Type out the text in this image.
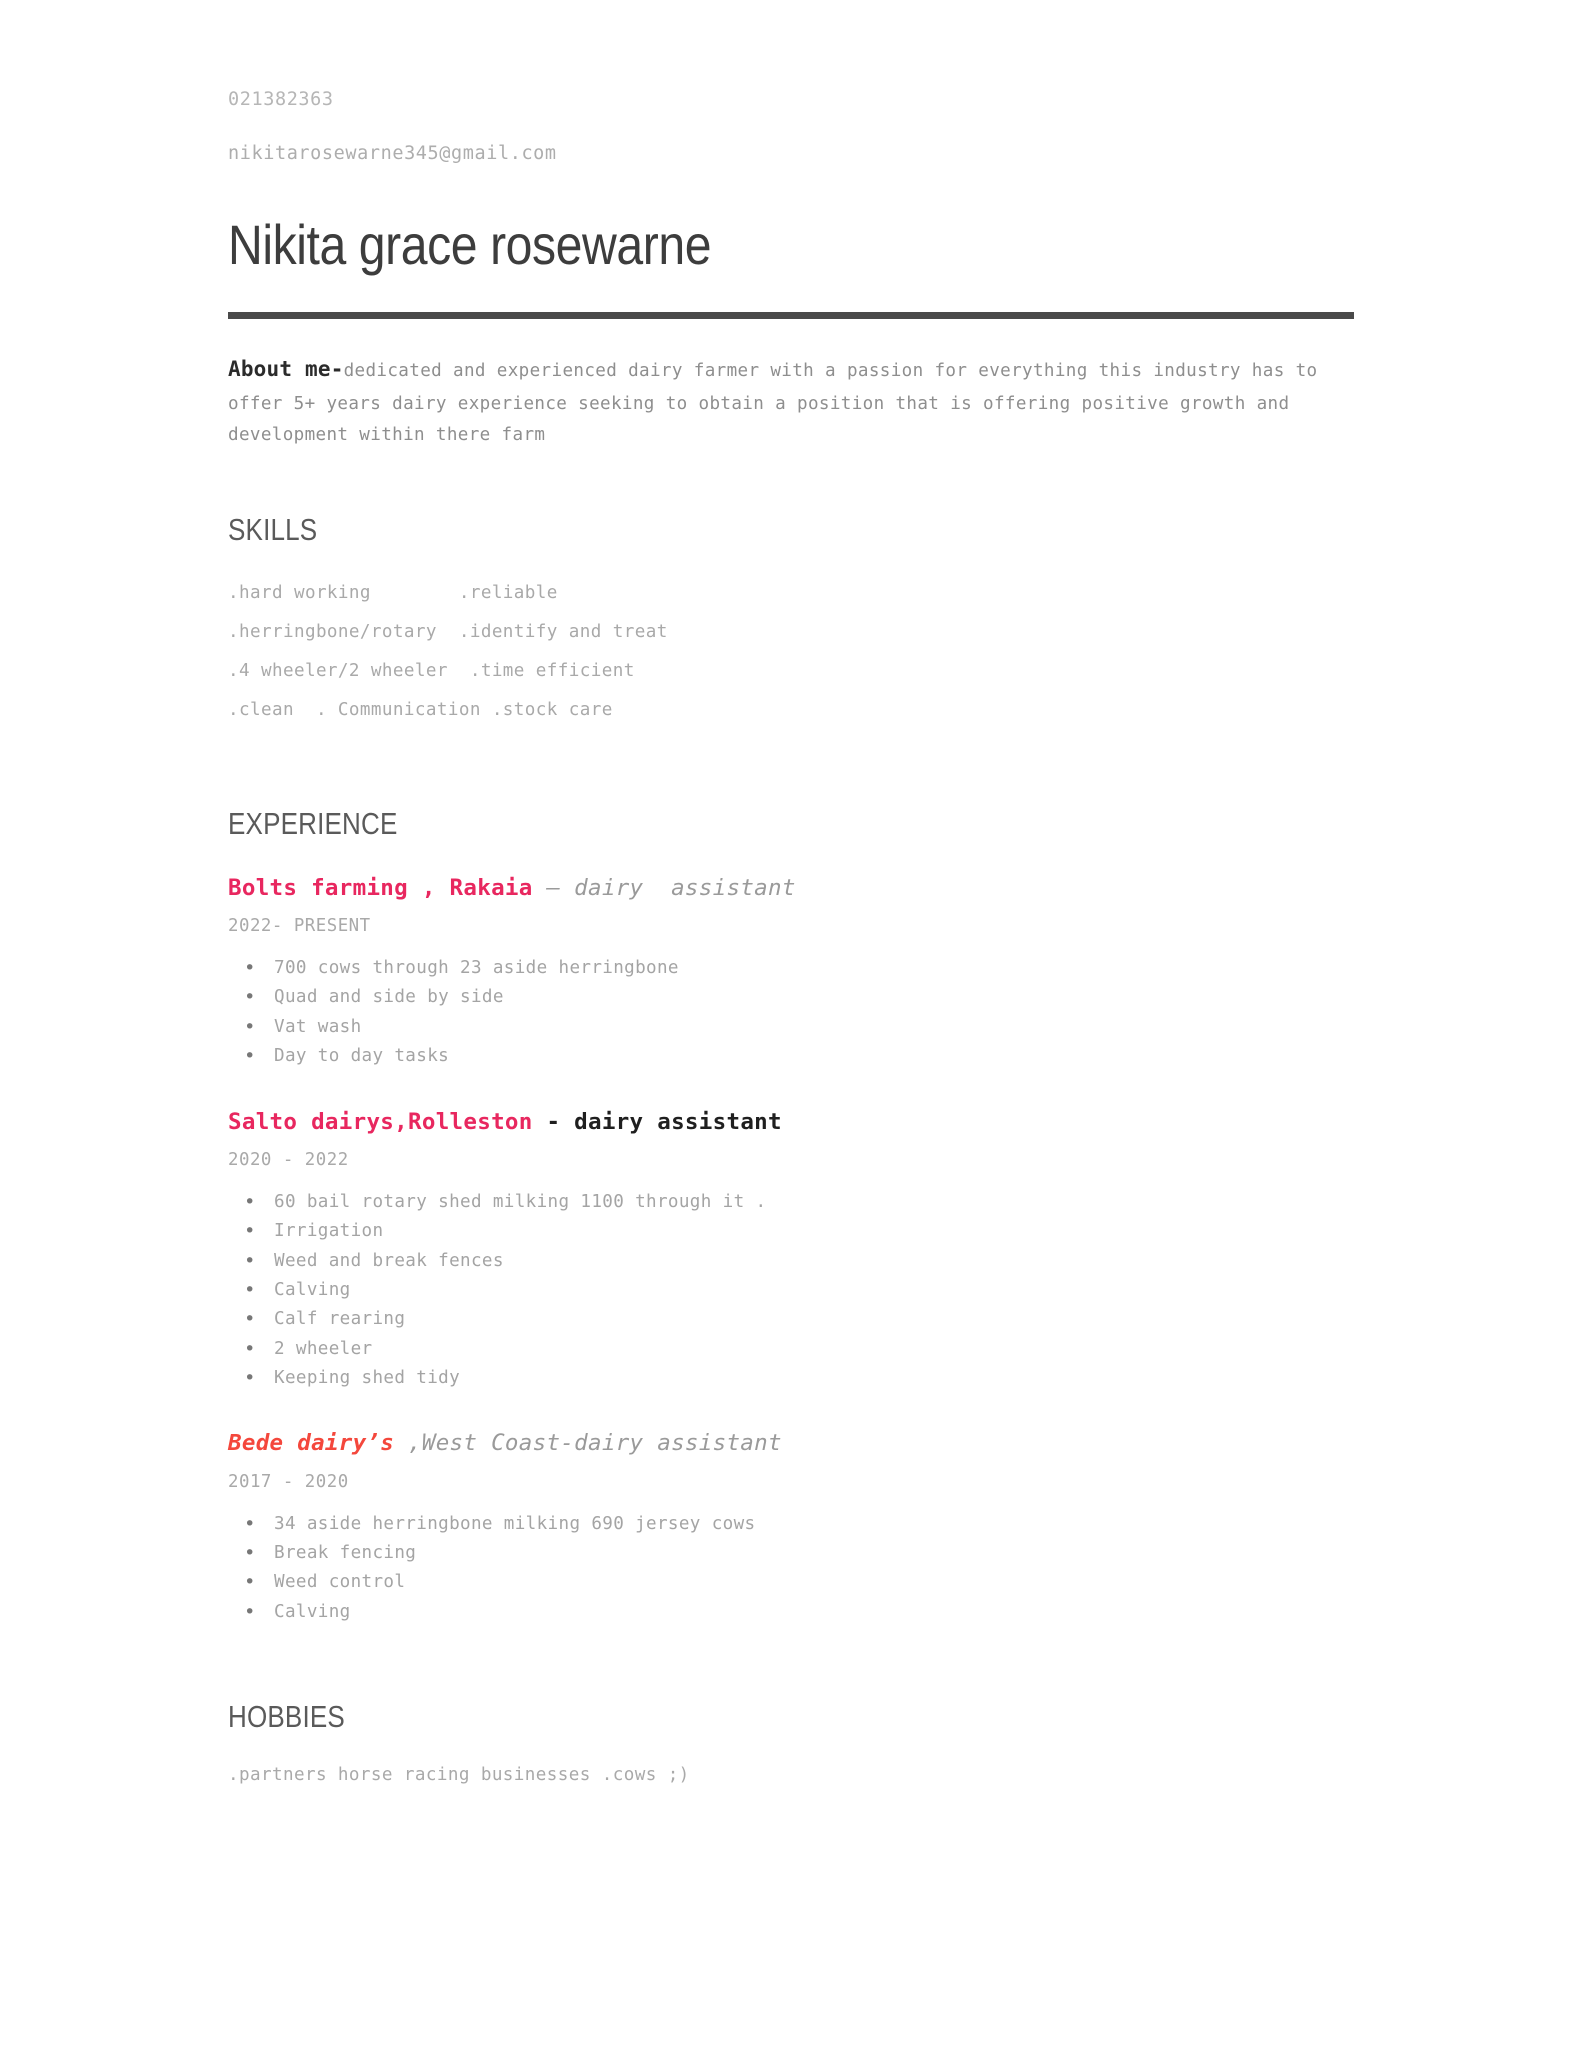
021382363
nikitarosewarne345@gmail.com
Nikita grace rosewarne

About me-dedicated and experienced dairy farmer with a passion for everything this industry has to offer 5+ years dairy experience seeking to obtain a position that is offering positive growth and development within there farm

SKILLS
.hard working        .reliable
.herringbone/rotary  .identify and treat
.4 wheeler/2 wheeler  .time efficient
.clean  . Communication .stock care
EXPERIENCE
Bolts farming , Rakaia — dairy  assistant
2022- PRESENT
• 700 cows through 23 aside herringbone
• Quad and side by side
• Vat wash
• Day to day tasks
Salto dairys,Rolleston - dairy assistant
2020 - 2022
• 60 bail rotary shed milking 1100 through it .
• Irrigation
• Weed and break fences
• Calving
• Calf rearing
• 2 wheeler
• Keeping shed tidy
Bede dairy’s ,West Coast-dairy assistant
2017 - 2020
• 34 aside herringbone milking 690 jersey cows
• Break fencing
• Weed control
• Calving
HOBBIES
.partners horse racing businesses .cows ;)
